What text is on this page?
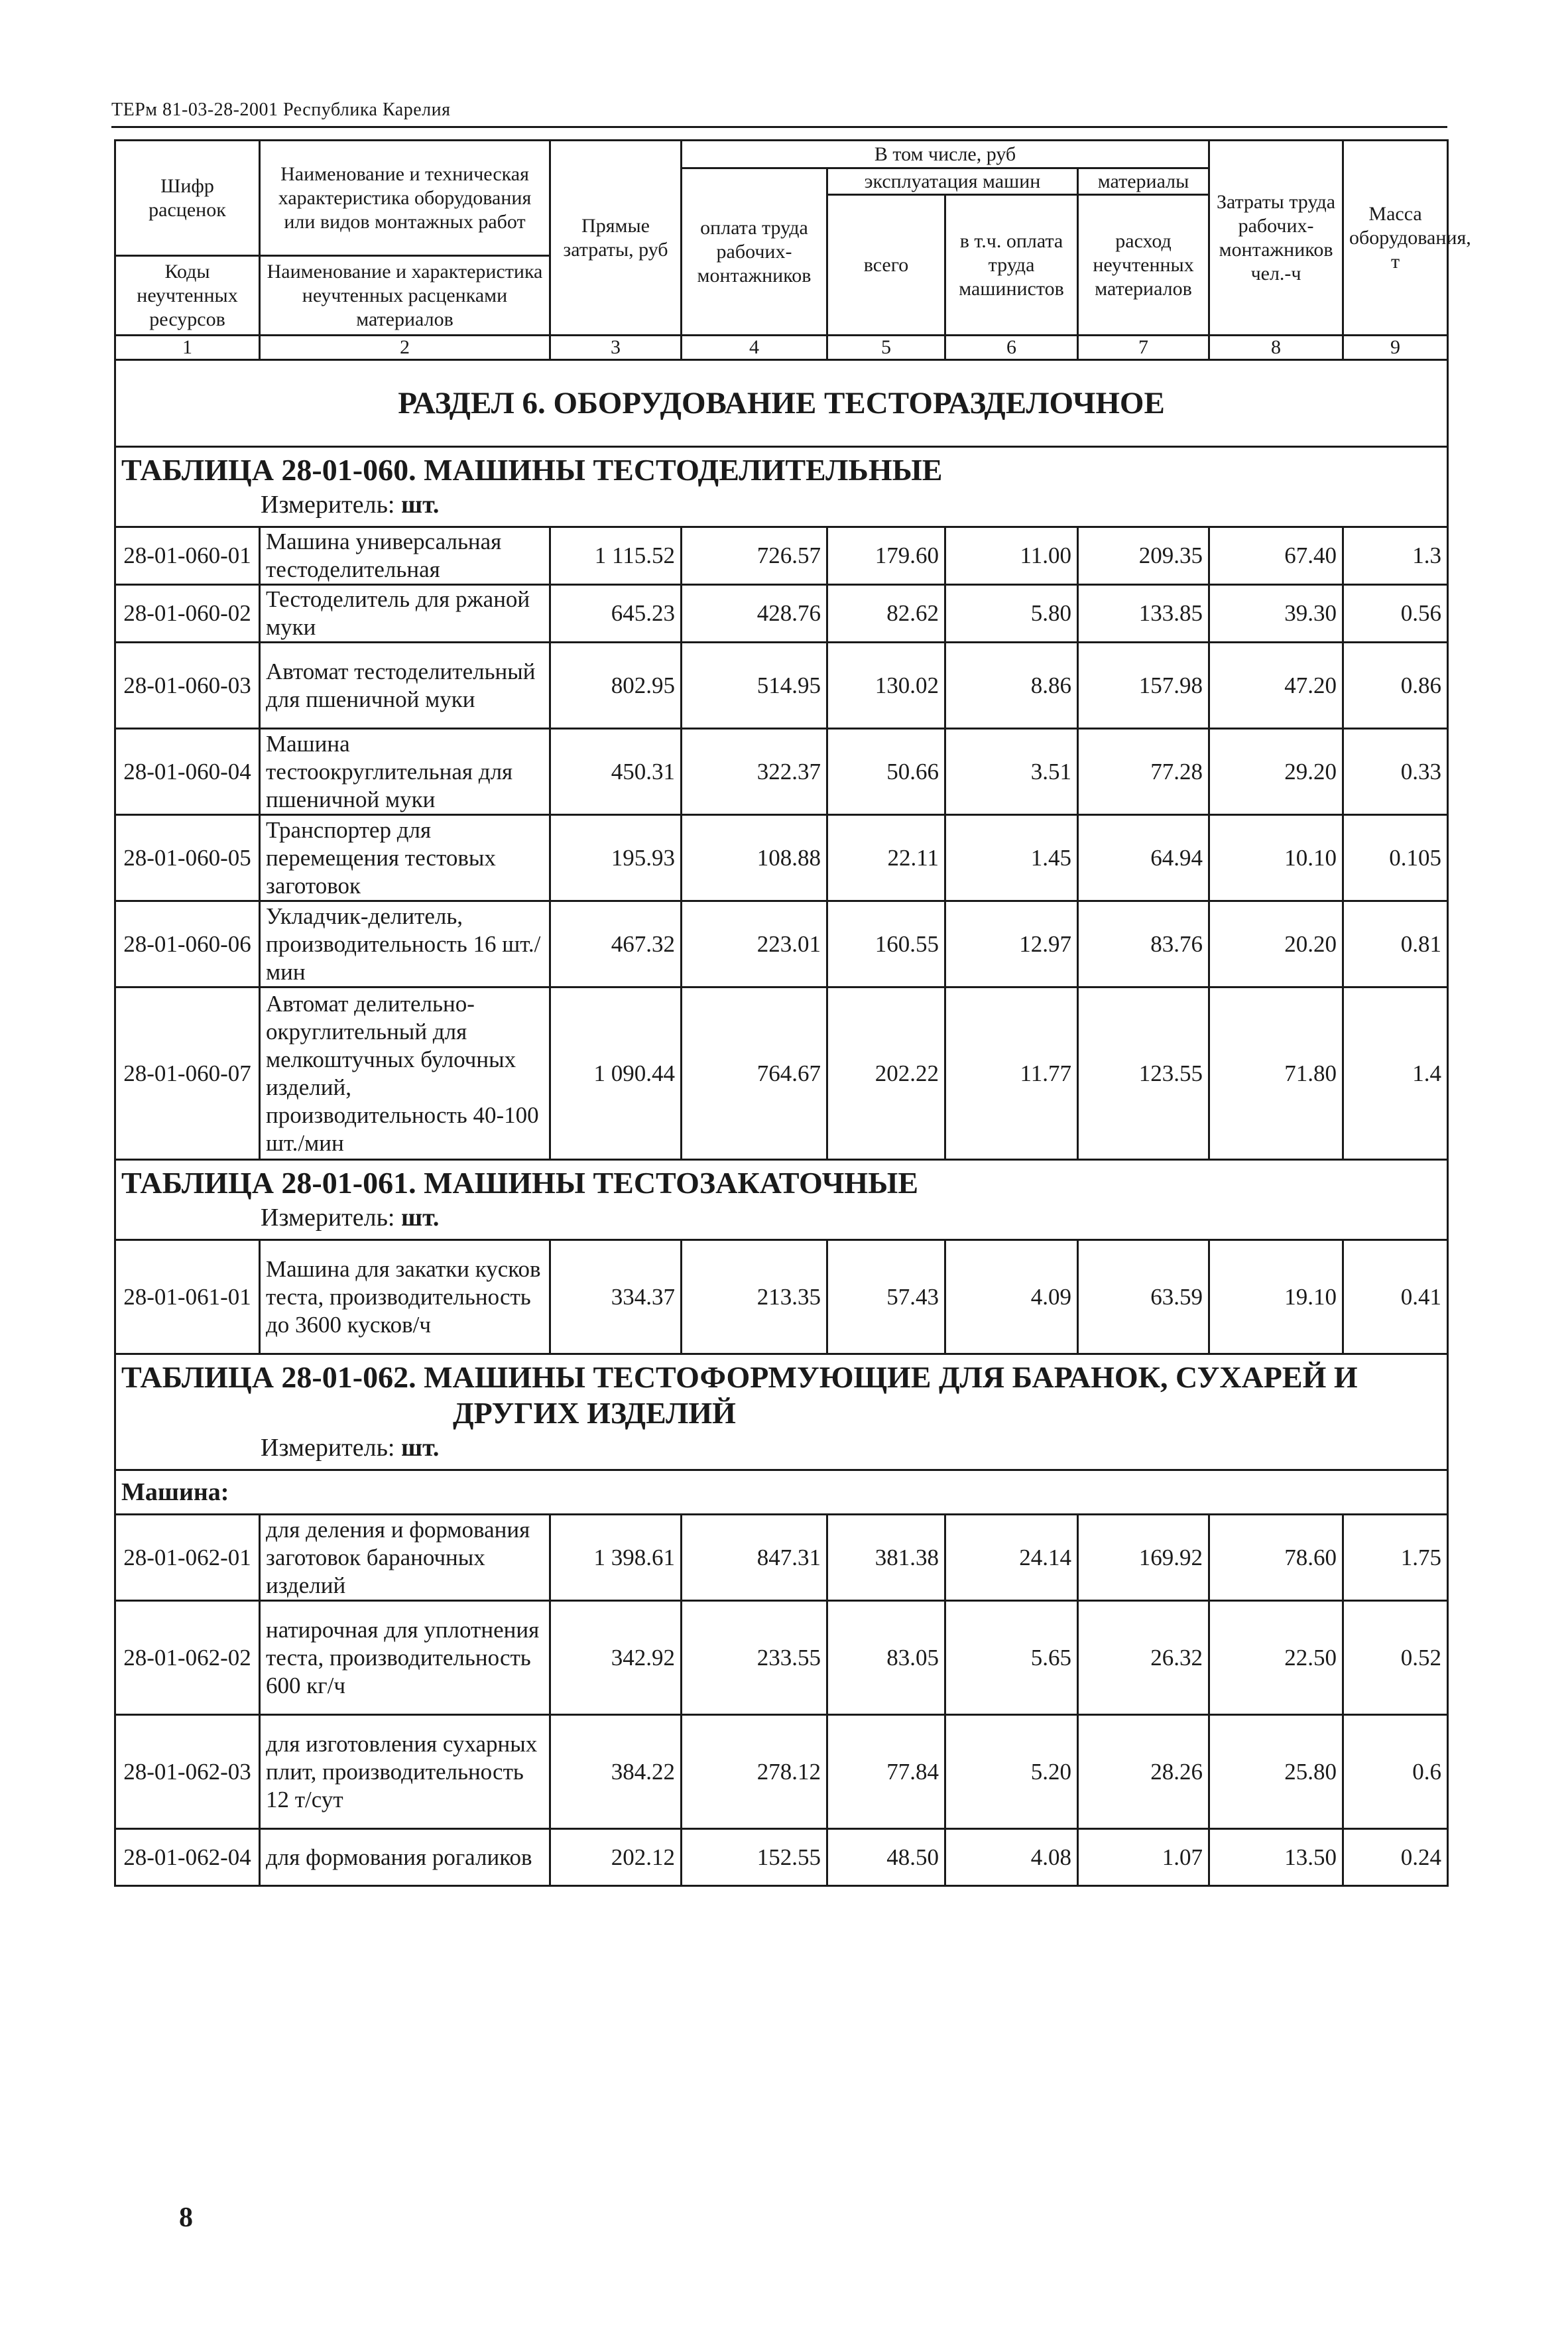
ТЕРм 81-03-28-2001 Республика Карелия
Шифр расценок	Наименование и техническая характеристика оборудования или видов монтажных работ	Прямые затраты, руб	В том числе, руб				Затраты труда рабочих-монтажников чел.-ч	Масса оборудования, т
			оплата труда рабочих-монтажников	эксплуатация машин		материалы		
				всего	в т.ч. оплата труда машинистов	расход неучтенных материалов		
Коды неучтенных ресурсов	Наименование и характеристика неучтенных расценками материалов							

1	2	3	4	5	6	7	8	9
РАЗДЕЛ 6. ОБОРУДОВАНИЕ ТЕСТОРАЗДЕЛОЧНОЕ								
ТАБЛИЦА 28-01-060. МАШИНЫ ТЕСТОДЕЛИТЕЛЬНЫЕ
Измеритель: шт.								

28-01-060-01	Машина универсальная тестоделительная	1 115.52	726.57	179.60	11.00	209.35	67.40	1.3
28-01-060-02	Тестоделитель для ржаной муки	645.23	428.76	82.62	5.80	133.85	39.30	0.56
28-01-060-03	Автомат тестоделительный для пшеничной муки	802.95	514.95	130.02	8.86	157.98	47.20	0.86
28-01-060-04	Машина тестоокруглительная для пшеничной муки	450.31	322.37	50.66	3.51	77.28	29.20	0.33
28-01-060-05	Транспортер для перемещения тестовых заготовок	195.93	108.88	22.11	1.45	64.94	10.10	0.105
28-01-060-06	Укладчик-делитель, производительность 16 шт./мин	467.32	223.01	160.55	12.97	83.76	20.20	0.81
28-01-060-07	Автомат делительно-округлительный для мелкоштучных булочных изделий, производительность 40-100 шт./мин	1 090.44	764.67	202.22	11.77	123.55	71.80	1.4
ТАБЛИЦА 28-01-061. МАШИНЫ ТЕСТОЗАКАТОЧНЫЕ
Измеритель: шт.								

28-01-061-01	Машина для закатки кусков теста, производительность до 3600 кусков/ч	334.37	213.35	57.43	4.09	63.59	19.10	0.41
ТАБЛИЦА 28-01-062. МАШИНЫ ТЕСТОФОРМУЮЩИЕ ДЛЯ БАРАНОК, СУХАРЕЙ И
ДРУГИХ ИЗДЕЛИЙ
Измеритель: шт.								

Машина:								
28-01-062-01	для деления и формования заготовок бараночных изделий	1 398.61	847.31	381.38	24.14	169.92	78.60	1.75
28-01-062-02	натирочная для уплотнения теста, производительность 600 кг/ч	342.92	233.55	83.05	5.65	26.32	22.50	0.52
28-01-062-03	для изготовления сухарных плит, производительность 12 т/сут	384.22	278.12	77.84	5.20	28.26	25.80	0.6
28-01-062-04	для формования рогаликов	202.12	152.55	48.50	4.08	1.07	13.50	0.24
8
